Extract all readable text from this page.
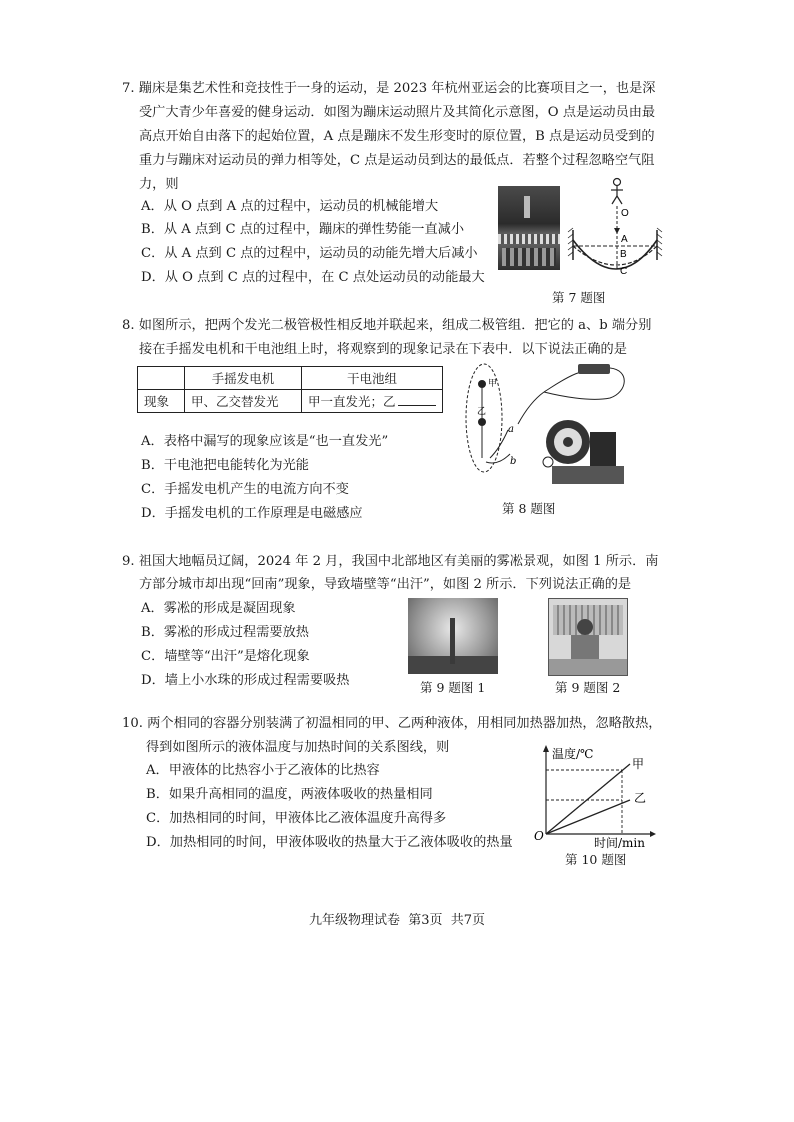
7. 蹦床是集艺术性和竞技性于一身的运动，是 2023 年杭州亚运会的比赛项目之一，也是深
受广大青少年喜爱的健身运动．如图为蹦床运动照片及其简化示意图，O 点是运动员由最
高点开始自由落下的起始位置，A 点是蹦床不发生形变时的原位置，B 点是运动员受到的
重力与蹦床对运动员的弹力相等处，C 点是运动员到达的最低点．若整个过程忽略空气阻
力，则
A．从 O 点到 A 点的过程中，运动员的机械能增大
B．从 A 点到 C 点的过程中，蹦床的弹性势能一直减小
C．从 A 点到 C 点的过程中，运动员的动能先增大后减小
D．从 O 点到 C 点的过程中，在 C 点处运动员的动能最大
O
A
B
C
第 7 题图
8. 如图所示，把两个发光二极管极性相反地并联起来，组成二极管组．把它的 a、b 端分别
接在手摇发电机和干电池组上时，将观察到的现象记录在下表中．以下说法正确的是
	手摇发电机	干电池组
现象	甲、乙交替发光	甲一直发光；乙
A．表格中漏写的现象应该是“也一直发光”
B．干电池把电能转化为光能
C．手摇发电机产生的电流方向不变
D．手摇发电机的工作原理是电磁感应
甲
乙
a
b
第 8 题图
9. 祖国大地幅员辽阔，2024 年 2 月，我国中北部地区有美丽的雾凇景观，如图 1 所示．南
方部分城市却出现“回南”现象，导致墙壁等“出汗”，如图 2 所示．下列说法正确的是
A．雾凇的形成是凝固现象
B．雾凇的形成过程需要放热
C．墙壁等“出汗”是熔化现象
D．墙上小水珠的形成过程需要吸热	第 9 题图 1	第 9 题图 2
10. 两个相同的容器分别装满了初温相同的甲、乙两种液体，用相同加热器加热，忽略散热，
得到如图所示的液体温度与加热时间的关系图线，则
A．甲液体的比热容小于乙液体的比热容
B．如果升高相同的温度，两液体吸收的热量相同
C．加热相同的时间，甲液体比乙液体温度升高得多
D．加热相同的时间，甲液体吸收的热量大于乙液体吸收的热量
温度/℃
时间/min
O
甲
乙
第 10 题图
九年级物理试卷  第3页  共7页
